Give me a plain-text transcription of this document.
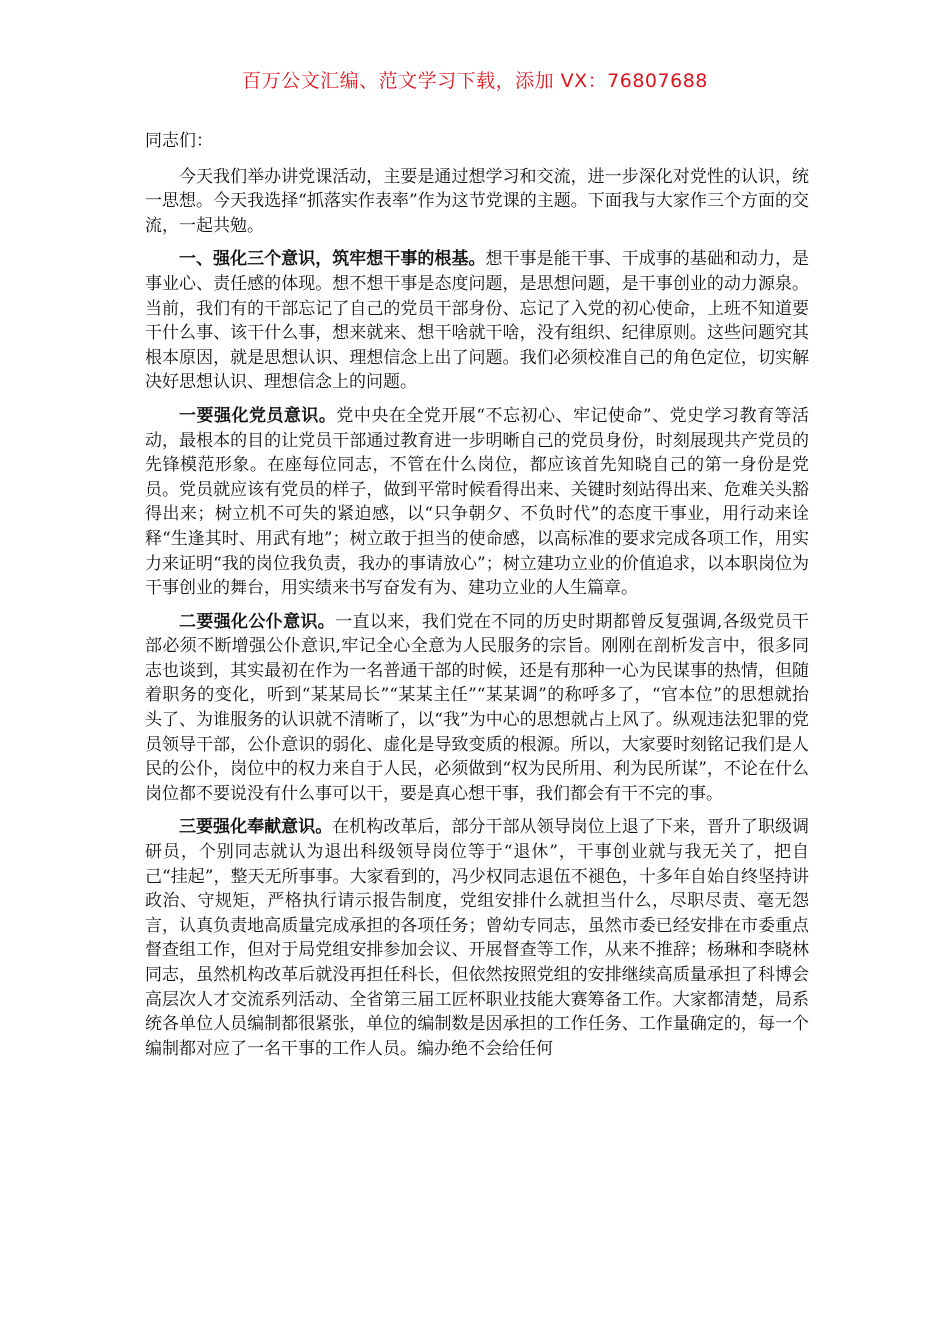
百万公文汇编、范文学习下载，添加 VX：76807688

同志们：

今天我们举办讲党课活动，主要是通过想学习和交流，进一步深化对党性的认识，统一思想。今天我选择“抓落实作表率”作为这节党课的主题。下面我与大家作三个方面的交流，一起共勉。

一、强化三个意识，筑牢想干事的根基。想干事是能干事、干成事的基础和动力，是事业心、责任感的体现。想不想干事是态度问题，是思想问题，是干事创业的动力源泉。当前，我们有的干部忘记了自己的党员干部身份、忘记了入党的初心使命，上班不知道要干什么事、该干什么事，想来就来、想干啥就干啥，没有组织、纪律原则。这些问题究其根本原因，就是思想认识、理想信念上出了问题。我们必须校准自己的角色定位，切实解决好思想认识、理想信念上的问题。

一要强化党员意识。党中央在全党开展“不忘初心、牢记使命”、党史学习教育等活动，最根本的目的让党员干部通过教育进一步明晰自己的党员身份，时刻展现共产党员的先锋模范形象。在座每位同志，不管在什么岗位，都应该首先知晓自己的第一身份是党员。党员就应该有党员的样子，做到平常时候看得出来、关键时刻站得出来、危难关头豁得出来；树立机不可失的紧迫感，以“只争朝夕、不负时代”的态度干事业，用行动来诠释“生逢其时、用武有地”；树立敢于担当的使命感，以高标准的要求完成各项工作，用实力来证明“我的岗位我负责，我办的事请放心”；树立建功立业的价值追求，以本职岗位为干事创业的舞台，用实绩来书写奋发有为、建功立业的人生篇章。

二要强化公仆意识。一直以来，我们党在不同的历史时期都曾反复强调,各级党员干部必须不断增强公仆意识,牢记全心全意为人民服务的宗旨。刚刚在剖析发言中，很多同志也谈到，其实最初在作为一名普通干部的时候，还是有那种一心为民谋事的热情，但随着职务的变化，听到“某某局长”“某某主任”“某某调”的称呼多了，“官本位”的思想就抬头了、为谁服务的认识就不清晰了，以“我”为中心的思想就占上风了。纵观违法犯罪的党员领导干部，公仆意识的弱化、虚化是导致变质的根源。所以，大家要时刻铭记我们是人民的公仆，岗位中的权力来自于人民，必须做到“权为民所用、利为民所谋”，不论在什么岗位都不要说没有什么事可以干，要是真心想干事，我们都会有干不完的事。

三要强化奉献意识。在机构改革后，部分干部从领导岗位上退了下来，晋升了职级调研员，个别同志就认为退出科级领导岗位等于“退休”，干事创业就与我无关了，把自己“挂起”，整天无所事事。大家看到的，冯少权同志退伍不褪色，十多年自始自终坚持讲政治、守规矩，严格执行请示报告制度，党组安排什么就担当什么，尽职尽责、毫无怨言，认真负责地高质量完成承担的各项任务；曾幼专同志，虽然市委已经安排在市委重点督查组工作，但对于局党组安排参加会议、开展督查等工作，从来不推辞；杨琳和李晓林同志，虽然机构改革后就没再担任科长，但依然按照党组的安排继续高质量承担了科博会高层次人才交流系列活动、全省第三届工匠杯职业技能大赛筹备工作。大家都清楚，局系统各单位人员编制都很紧张，单位的编制数是因承担的工作任务、工作量确定的，每一个编制都对应了一名干事的工作人员。编办绝不会给任何
